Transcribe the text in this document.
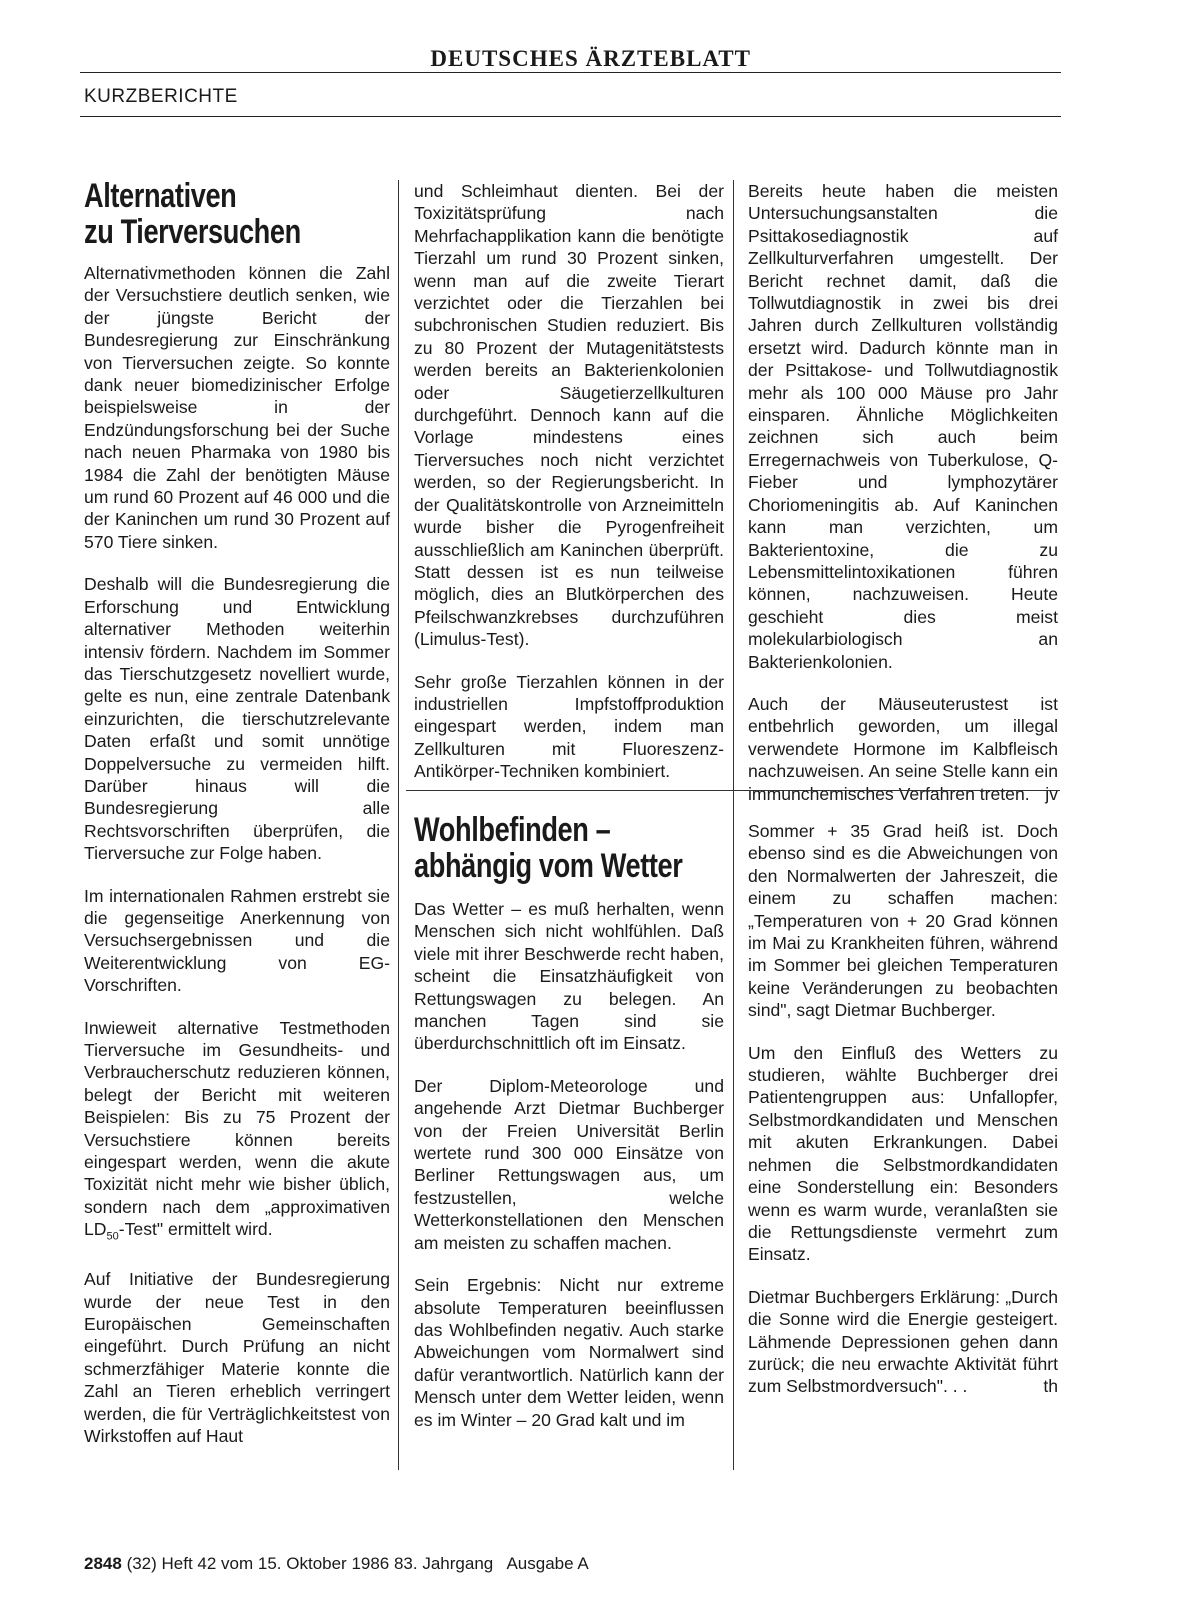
DEUTSCHES ÄRZTEBLATT
KURZBERICHTE
Alternativen
zu Tierversuchen

Alternativmethoden können die Zahl der Versuchstiere deutlich senken, wie der jüngste Bericht der Bundesregierung zur Einschränkung von Tierversuchen zeigte. So konnte dank neuer biomedizinischer Erfolge beispielsweise in der Endzündungsforschung bei der Suche nach neuen Pharmaka von 1980 bis 1984 die Zahl der benötigten Mäuse um rund 60 Prozent auf 46 000 und die der Kaninchen um rund 30 Prozent auf 570 Tiere sinken.

Deshalb will die Bundesregierung die Erforschung und Entwicklung alternativer Methoden weiterhin intensiv fördern. Nachdem im Sommer das Tierschutzgesetz novelliert wurde, gelte es nun, eine zentrale Datenbank einzurichten, die tierschutzrelevante Daten erfaßt und somit unnötige Doppelversuche zu vermeiden hilft. Darüber hinaus will die Bundesregierung alle Rechtsvorschriften überprüfen, die Tierversuche zur Folge haben.

Im internationalen Rahmen erstrebt sie die gegenseitige Anerkennung von Versuchsergebnissen und die Weiterentwicklung von EG-Vorschriften.

Inwieweit alternative Testmethoden Tierversuche im Gesundheits- und Verbraucherschutz reduzieren können, belegt der Bericht mit weiteren Beispielen: Bis zu 75 Prozent der Versuchstiere können bereits eingespart werden, wenn die akute Toxizität nicht mehr wie bisher üblich, sondern nach dem „approximativen $LD_{50}$-Test" ermittelt wird.

Auf Initiative der Bundesregierung wurde der neue Test in den Europäischen Gemeinschaften eingeführt. Durch Prüfung an nicht schmerzfähiger Materie konnte die Zahl an Tieren erheblich verringert werden, die für Verträglichkeitstest von Wirkstoffen auf Haut

und Schleimhaut dienten. Bei der Toxizitätsprüfung nach Mehrfachapplikation kann die benötigte Tierzahl um rund 30 Prozent sinken, wenn man auf die zweite Tierart verzichtet oder die Tierzahlen bei subchronischen Studien reduziert. Bis zu 80 Prozent der Mutagenitätstests werden bereits an Bakterienkolonien oder Säugetierzellkulturen durchgeführt. Dennoch kann auf die Vorlage mindestens eines Tierversuches noch nicht verzichtet werden, so der Regierungsbericht. In der Qualitätskontrolle von Arzneimitteln wurde bisher die Pyrogenfreiheit ausschließlich am Kaninchen überprüft. Statt dessen ist es nun teilweise möglich, dies an Blutkörperchen des Pfeilschwanzkrebses durchzuführen (Limulus-Test).

Sehr große Tierzahlen können in der industriellen Impfstoffproduktion eingespart werden, indem man Zellkulturen mit Fluoreszenz-Antikörper-Techniken kombiniert.

Bereits heute haben die meisten Untersuchungsanstalten die Psittakosediagnostik auf Zellkulturverfahren umgestellt. Der Bericht rechnet damit, daß die Tollwutdiagnostik in zwei bis drei Jahren durch Zellkulturen vollständig ersetzt wird. Dadurch könnte man in der Psittakose- und Tollwutdiagnostik mehr als 100 000 Mäuse pro Jahr einsparen. Ähnliche Möglichkeiten zeichnen sich auch beim Erregernachweis von Tuberkulose, Q-Fieber und lymphozytärer Choriomeningitis ab. Auf Kaninchen kann man verzichten, um Bakterientoxine, die zu Lebensmittelintoxikationen führen können, nachzuweisen. Heute geschieht dies meist molekularbiologisch an Bakterienkolonien.

Auch der Mäuseuterustest ist entbehrlich geworden, um illegal verwendete Hormone im Kalbfleisch nachzuweisen. An seine Stelle kann ein immunchemisches Verfahren treten. jv

Wohlbefinden –
abhängig vom Wetter

Das Wetter – es muß herhalten, wenn Menschen sich nicht wohlfühlen. Daß viele mit ihrer Beschwerde recht haben, scheint die Einsatzhäufigkeit von Rettungswagen zu belegen. An manchen Tagen sind sie überdurchschnittlich oft im Einsatz.

Der Diplom-Meteorologe und angehende Arzt Dietmar Buchberger von der Freien Universität Berlin wertete rund 300 000 Einsätze von Berliner Rettungswagen aus, um festzustellen, welche Wetterkonstellationen den Menschen am meisten zu schaffen machen.

Sein Ergebnis: Nicht nur extreme absolute Temperaturen beeinflussen das Wohlbefinden negativ. Auch starke Abweichungen vom Normalwert sind dafür verantwortlich. Natürlich kann der Mensch unter dem Wetter leiden, wenn es im Winter – 20 Grad kalt und im

Sommer + 35 Grad heiß ist. Doch ebenso sind es die Abweichungen von den Normalwerten der Jahreszeit, die einem zu schaffen machen: „Temperaturen von + 20 Grad können im Mai zu Krankheiten führen, während im Sommer bei gleichen Temperaturen keine Veränderungen zu beobachten sind", sagt Dietmar Buchberger.

Um den Einfluß des Wetters zu studieren, wählte Buchberger drei Patientengruppen aus: Unfallopfer, Selbstmordkandidaten und Menschen mit akuten Erkrankungen. Dabei nehmen die Selbstmordkandidaten eine Sonderstellung ein: Besonders wenn es warm wurde, veranlaßten sie die Rettungsdienste vermehrt zum Einsatz.

Dietmar Buchbergers Erklärung: „Durch die Sonne wird die Energie gesteigert. Lähmende Depressionen gehen dann zurück; die neu erwachte Aktivität führt zum Selbstmordversuch". . .	th

2848 (32) Heft 42 vom 15. Oktober 1986 83. Jahrgang   Ausgabe A
